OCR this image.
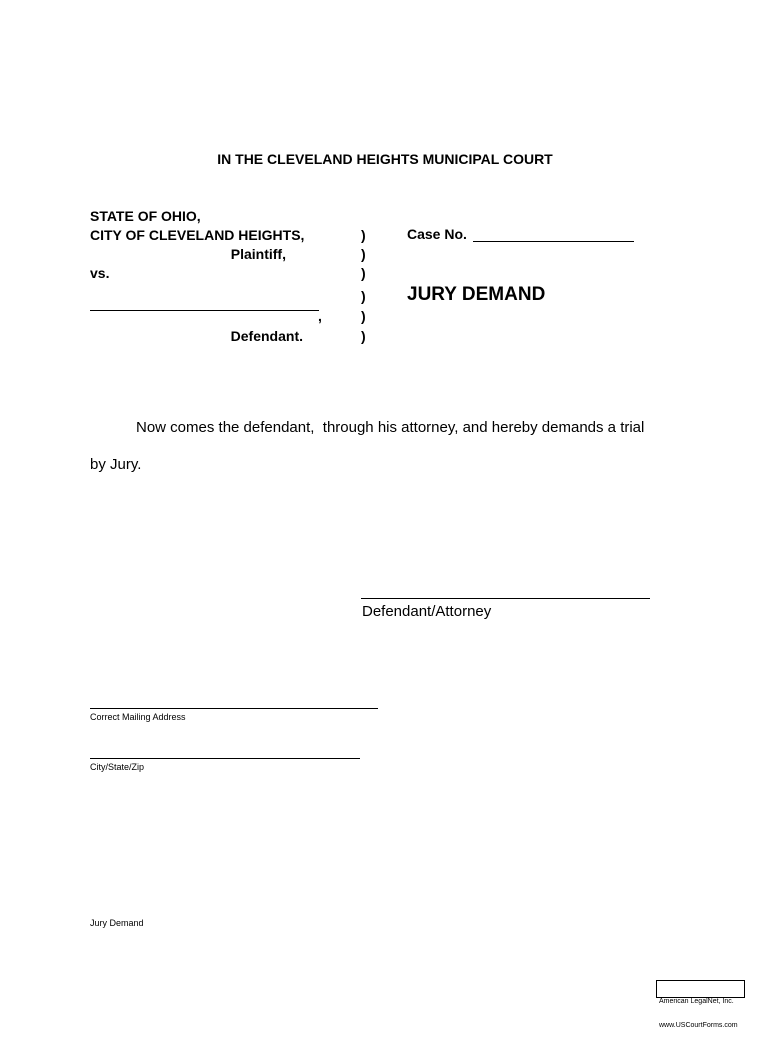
IN THE CLEVELAND HEIGHTS MUNICIPAL COURT
STATE OF OHIO,
CITY OF CLEVELAND HEIGHTS,
Plaintiff,
vs.
,
Defendant.
)
)
)
)
)
)
Case No.
JURY DEMAND
Now comes the defendant,  through his attorney, and hereby demands a trial
by Jury.
Defendant/Attorney
Correct Mailing Address
City/State/Zip
Jury Demand

American LegalNet, Inc.

www.USCourtForms.com
